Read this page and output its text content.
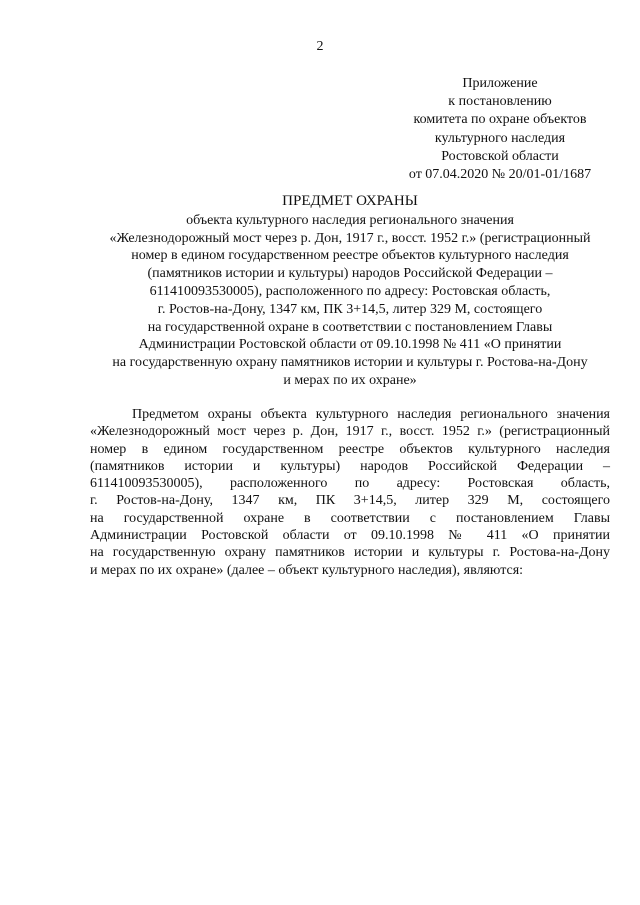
2
Приложение
к постановлению
комитета по охране объектов
культурного наследия
Ростовской области
от 07.04.2020 № 20/01-01/1687
ПРЕДМЕТ ОХРАНЫ
объекта культурного наследия регионального значения
«Железнодорожный мост через р. Дон, 1917 г., восст. 1952 г.» (регистрационный
номер в едином государственном реестре объектов культурного наследия
(памятников истории и культуры) народов Российской Федерации –
611410093530005), расположенного по адресу: Ростовская область,
г. Ростов-на-Дону, 1347 км, ПК 3+14,5, литер 329 М, состоящего
на государственной охране в соответствии с постановлением Главы
Администрации Ростовской области от 09.10.1998 № 411 «О принятии
на государственную охрану памятников истории и культуры г. Ростова-на-Дону
и мерах по их охране»
Предметом охраны объекта культурного наследия регионального значения
«Железнодорожный мост через р. Дон, 1917 г., восст. 1952 г.» (регистрационный
номер в едином государственном реестре объектов культурного наследия
(памятников истории и культуры) народов Российской Федерации –
611410093530005), расположенного по адресу: Ростовская область,
г. Ростов-на-Дону, 1347 км, ПК 3+14,5, литер 329 М, состоящего
на государственной охране в соответствии с постановлением Главы
Администрации Ростовской области от 09.10.1998 № 411 «О принятии
на государственную охрану памятников истории и культуры г. Ростова-на-Дону
и мерах по их охране» (далее – объект культурного наследия), являются:
